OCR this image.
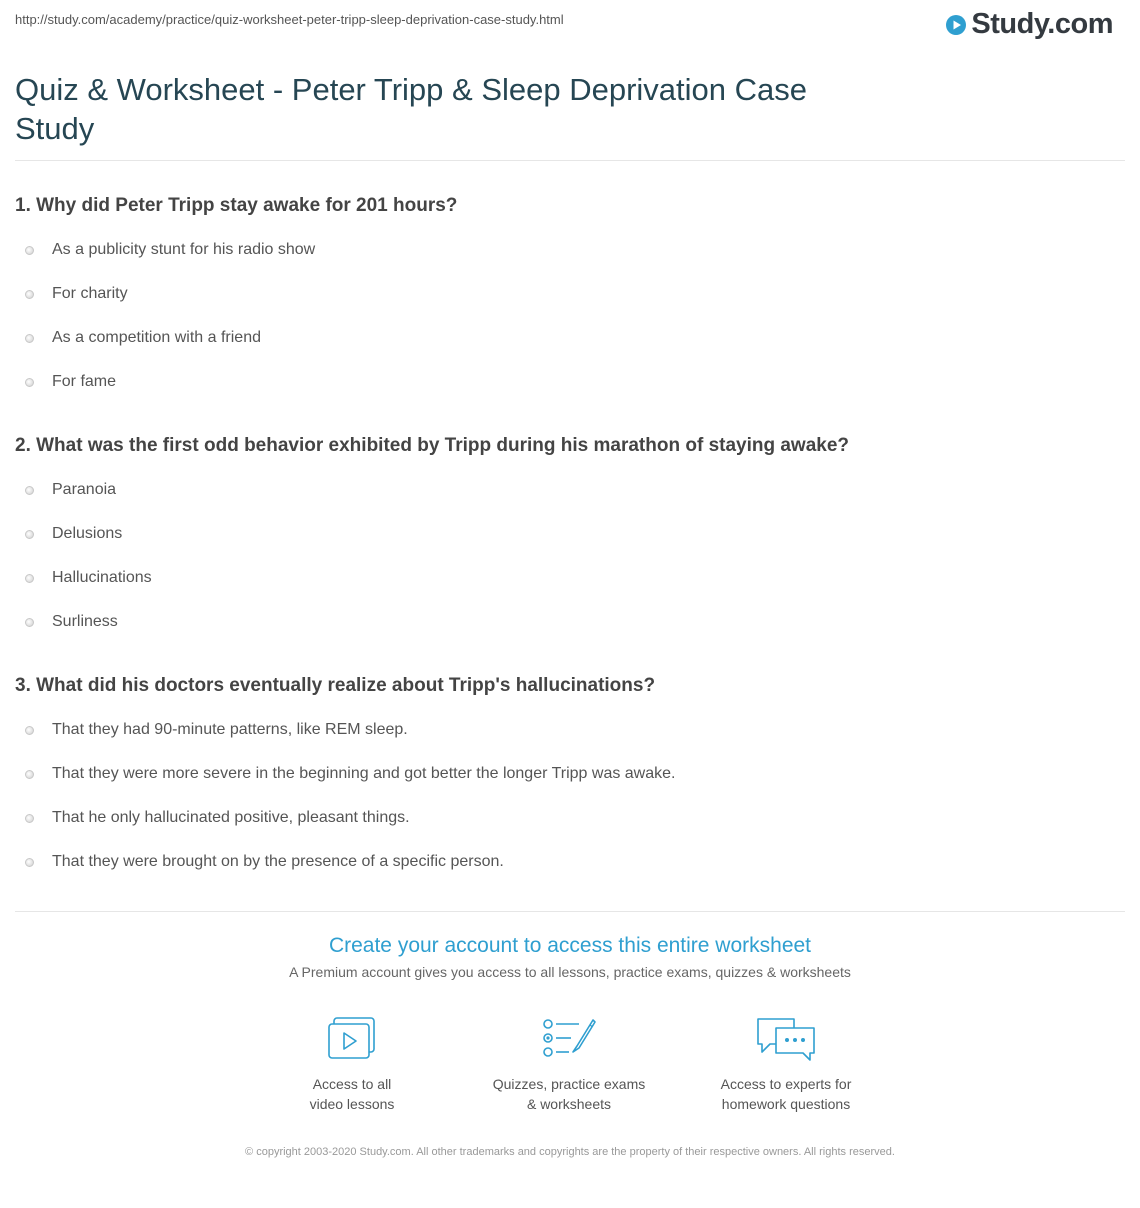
http://study.com/academy/practice/quiz-worksheet-peter-tripp-sleep-deprivation-case-study.html	Study.com
Quiz & Worksheet - Peter Tripp & Sleep Deprivation Case Study

1. Why did Peter Tripp stay awake for 201 hours?

As a publicity stunt for his radio show
For charity
As a competition with a friend
For fame

2. What was the first odd behavior exhibited by Tripp during his marathon of staying awake?

Paranoia
Delusions
Hallucinations
Surliness

3. What did his doctors eventually realize about Tripp's hallucinations?

That they had 90-minute patterns, like REM sleep.
That they were more severe in the beginning and got better the longer Tripp was awake.
That he only hallucinated positive, pleasant things.
That they were brought on by the presence of a specific person.
Create your account to access this entire worksheet
A Premium account gives you access to all lessons, practice exams, quizzes & worksheets
Access to all
video lessons
Quizzes, practice exams
& worksheets
Access to experts for
homework questions
© copyright 2003-2020 Study.com. All other trademarks and copyrights are the property of their respective owners. All rights reserved.
